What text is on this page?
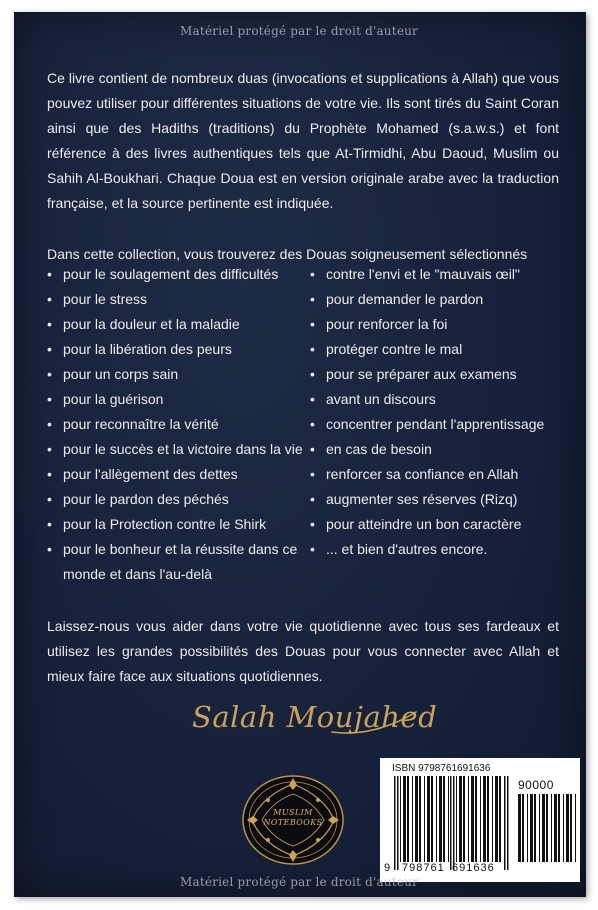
Matériel protégé par le droit d'auteur
Ce livre contient de nombreux duas (invocations et supplications à Allah) que vous pouvez utiliser pour différentes situations de votre vie. Ils sont tirés du Saint Coran ainsi que des Hadiths (traditions) du Prophète Mohamed (s.a.w.s.) et font référence à des livres authentiques tels que At-Tirmidhi, Abu Daoud, Muslim ou Sahih Al-Boukhari. Chaque Doua est en version originale arabe avec la traduction française, et la source pertinente est indiquée.
Dans cette collection, vous trouverez des Douas soigneusement sélectionnés
• pour le soulagement des difficultés
• pour le stress
• pour la douleur et la maladie
• pour la libération des peurs
• pour un corps sain
• pour la guérison
• pour reconnaître la vérité
• pour le succès et la victoire dans la vie
• pour l'allègement des dettes
• pour le pardon des péchés
• pour la Protection contre le Shirk
• pour le bonheur et la réussite dans ce monde et dans l'au-delà
• contre l'envi et le "mauvais œil"
• pour demander le pardon
• pour renforcer la foi
• protéger contre le mal
• pour se préparer aux examens
• avant un discours
• concentrer pendant l'apprentissage
• en cas de besoin
• renforcer sa confiance en Allah
• augmenter ses réserves (Rizq)
• pour atteindre un bon caractère
• ... et bien d'autres encore.
Laissez-nous vous aider dans votre vie quotidienne avec tous ses fardeaux et utilisez les grandes possibilités des Douas pour vous connecter avec Allah et mieux faire face aux situations quotidiennes.
Salah Moujahed
MUSLIM
NOTEBOOKS
ISBN 9798761691636
90000
9 798761 691636
Matériel protégé par le droit d'auteur
